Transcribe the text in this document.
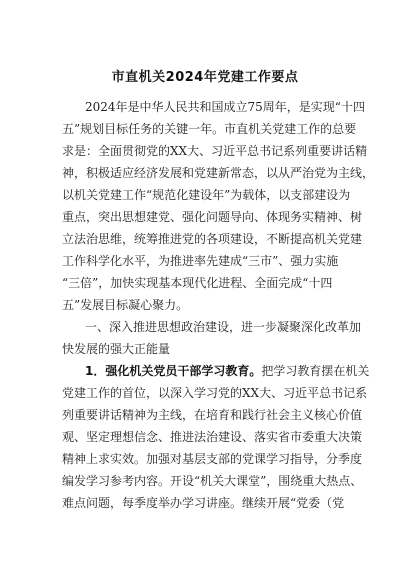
市直机关2024年党建工作要点
2024年是中华人民共和国成立75周年，是实现“十四
五”规划目标任务的关键一年。市直机关党建工作的总要
求是：全面贯彻党的XX大、习近平总书记系列重要讲话精
神，积极适应经济发展和党建新常态，以从严治党为主线，
以机关党建工作“规范化建设年”为载体，以支部建设为
重点，突出思想建党、强化问题导向、体现务实精神、树
立法治思维，统筹推进党的各项建设，不断提高机关党建
工作科学化水平，为推进率先建成“三市”、强力实施
“三倍”，加快实现基本现代化进程、全面完成“十四
五”发展目标凝心聚力。
一、深入推进思想政治建设，进一步凝聚深化改革加
快发展的强大正能量
1．强化机关党员干部学习教育。把学习教育摆在机关
党建工作的首位，以深入学习党的XX大、习近平总书记系
列重要讲话精神为主线，在培育和践行社会主义核心价值
观、坚定理想信念、推进法治建设、落实省市委重大决策
精神上求实效。加强对基层支部的党课学习指导，分季度
编发学习参考内容。开设“机关大课堂”，围绕重大热点、
难点问题，每季度举办学习讲座。继续开展“党委（党
